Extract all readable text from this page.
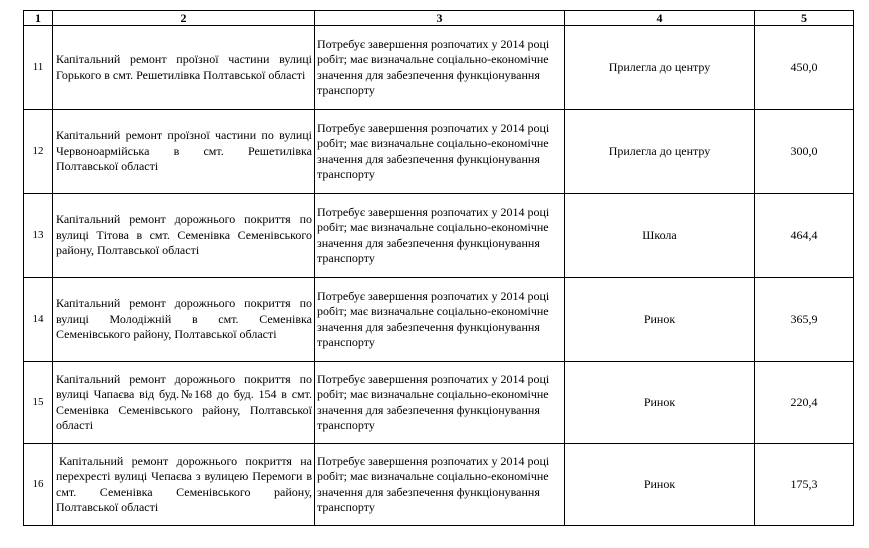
1	2	3	4	5
11	Капітальний ремонт проїзної частини вулиці Горького в смт. Решетилівка Полтавської області	Потребує завершення розпочатих у 2014 році робіт; має визначальне соціально-економічне значення для забезпечення функціонування транспорту	Прилегла до центру	450,0
12	Капітальний ремонт проїзної частини по вулиці Червоноармійська в смт. Решетилівка Полтавської області	Потребує завершення розпочатих у 2014 році робіт; має визначальне соціально-економічне значення для забезпечення функціонування транспорту	Прилегла до центру	300,0
13	Капітальний ремонт дорожнього покриття по вулиці Тітова в смт. Семенівка Семенівського району, Полтавської області	Потребує завершення розпочатих у 2014 році робіт; має визначальне соціально-економічне значення для забезпечення функціонування транспорту	Школа	464,4
14	Капітальний ремонт дорожнього покриття по вулиці Молодіжній в смт. Семенівка Семенівського району, Полтавської області	Потребує завершення розпочатих у 2014 році робіт; має визначальне соціально-економічне значення для забезпечення функціонування транспорту	Ринок	365,9
15	Капітальний ремонт дорожнього покриття по вулиці Чапаєва від буд.№168 до буд. 154 в смт. Семенівка Семенівського району, Полтавської області	Потребує завершення розпочатих у 2014 році робіт; має визначальне соціально-економічне значення для забезпечення функціонування транспорту	Ринок	220,4
16	Капітальний ремонт дорожнього покриття на перехресті вулиці Чепаєва з вулицею Перемоги в смт. Семенівка Семенівського району, Полтавської області	Потребує завершення розпочатих у 2014 році робіт; має визначальне соціально-економічне значення для забезпечення функціонування транспорту	Ринок	175,3
